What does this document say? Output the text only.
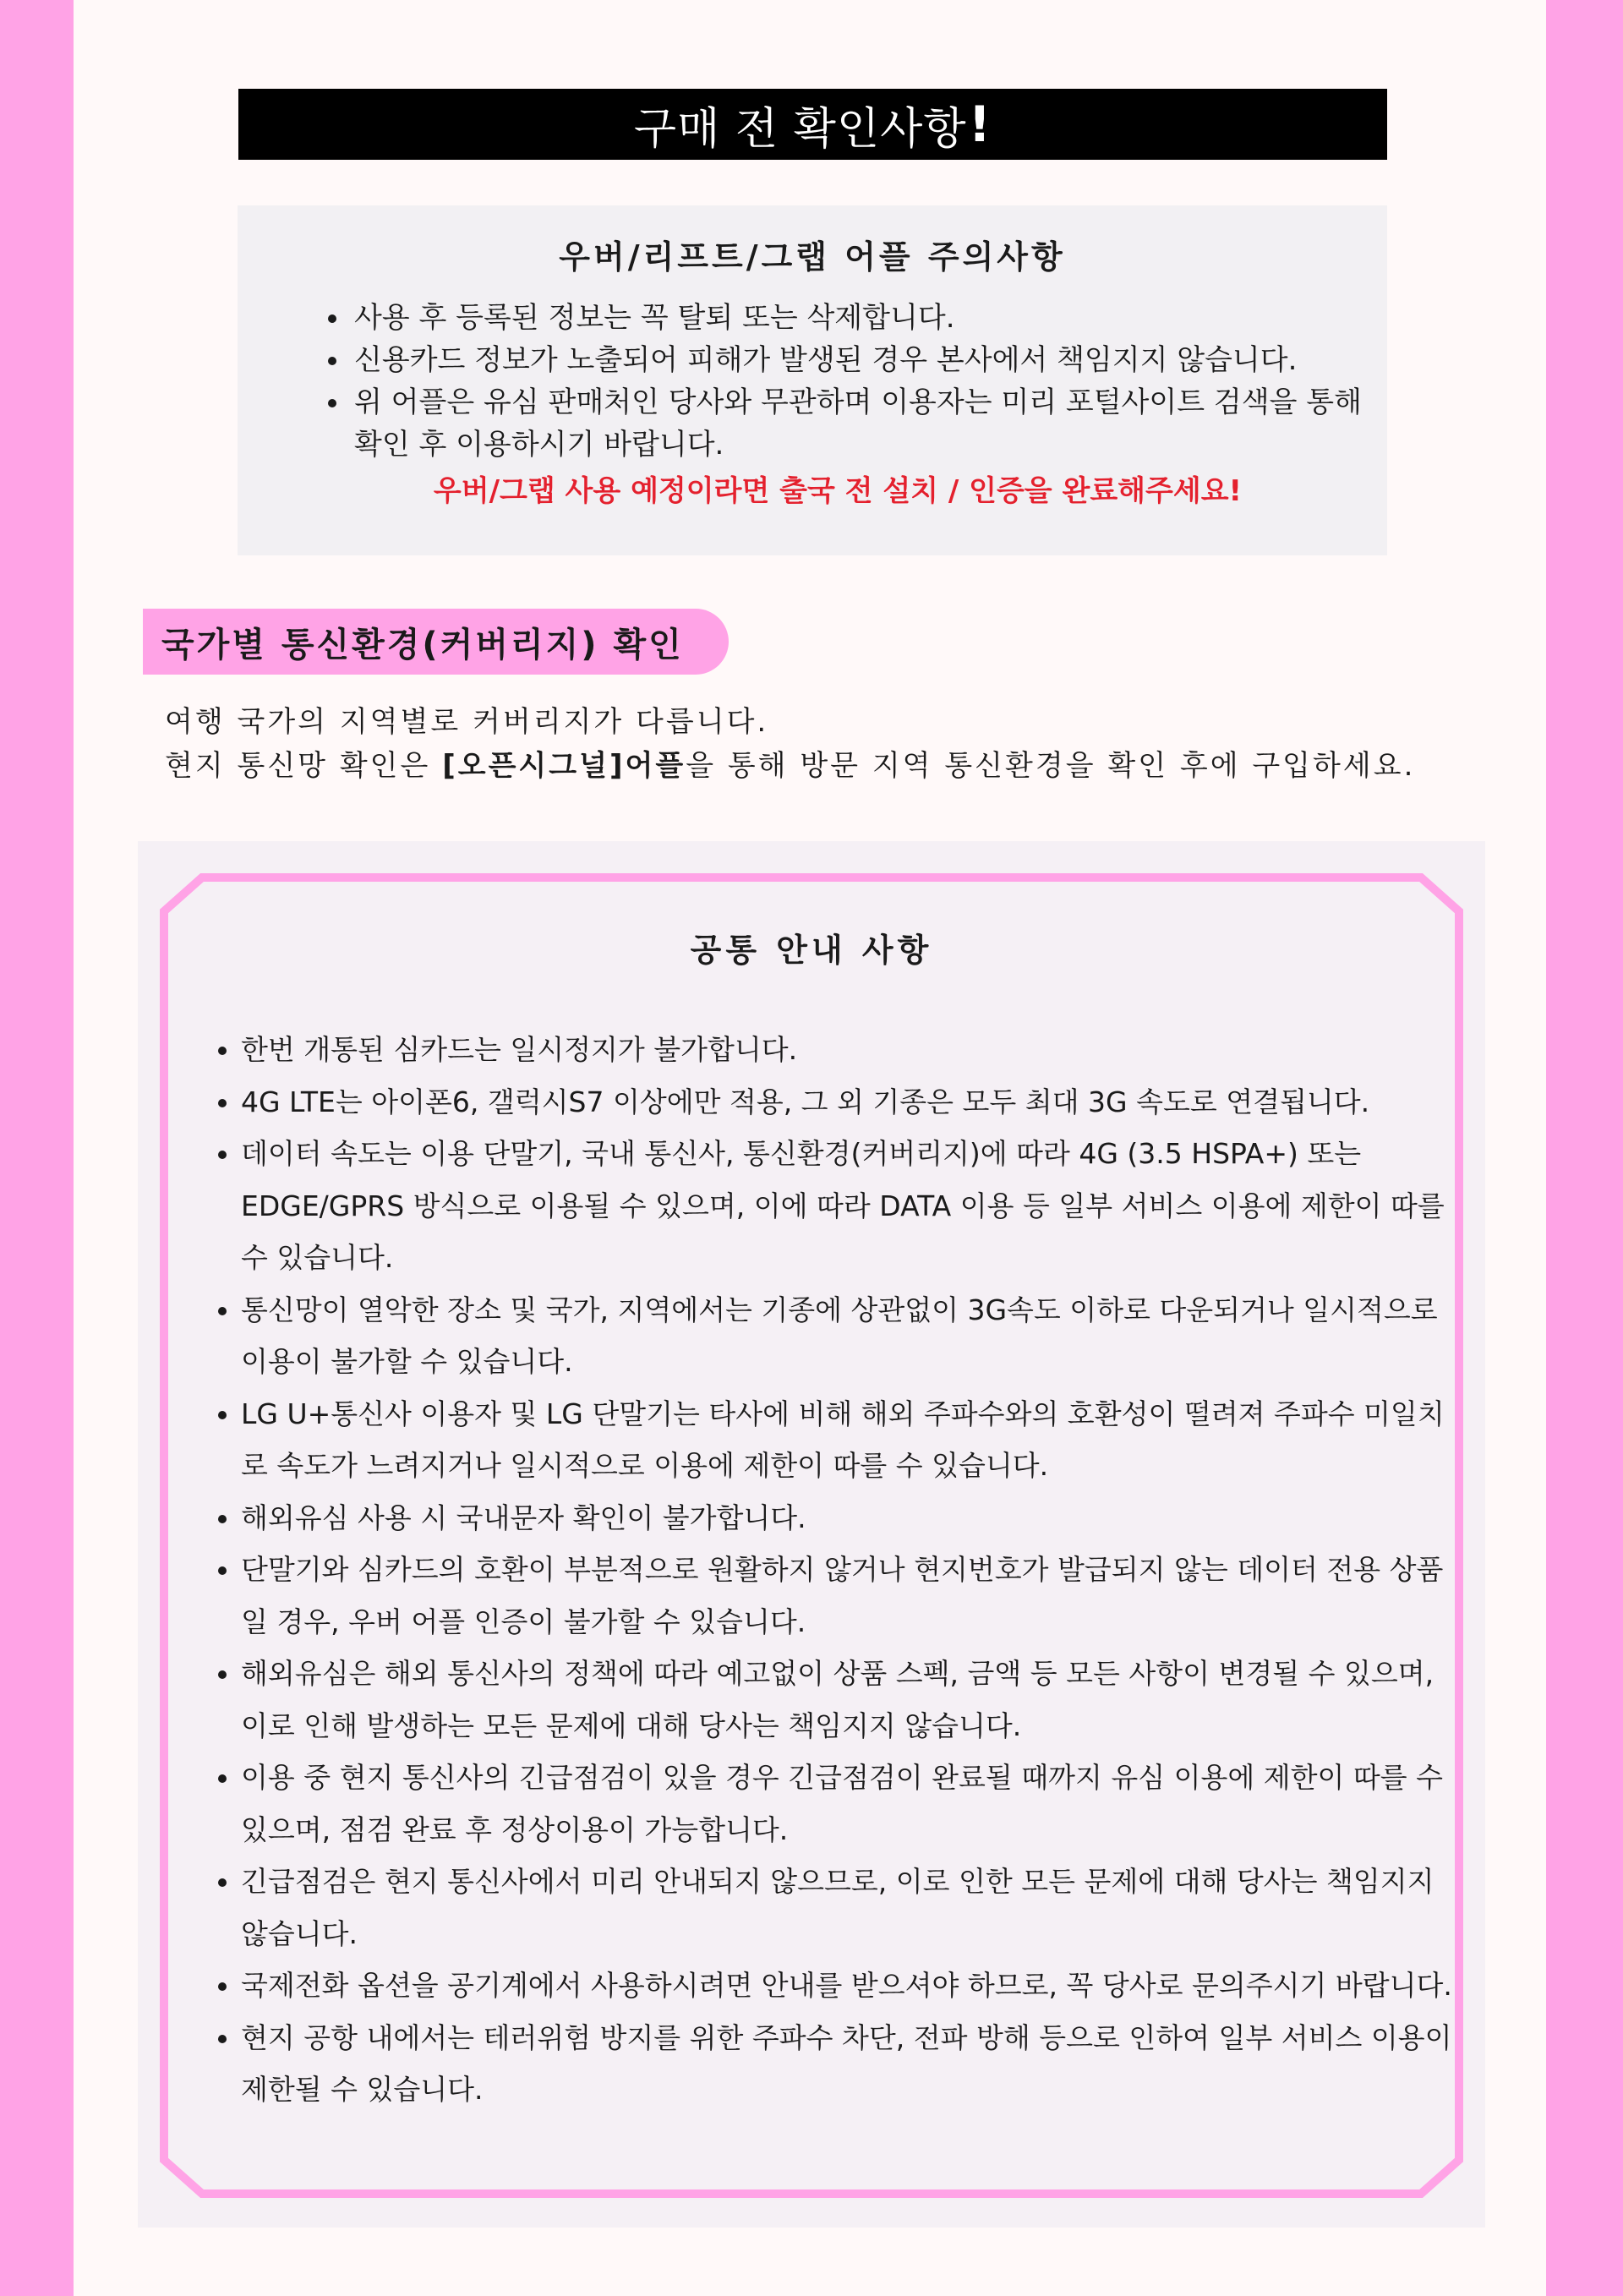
구매 전 확인사항 !
우버/리프트/그랩 어플 주의사항
• 사용 후 등록된 정보는 꼭 탈퇴 또는 삭제합니다.
• 신용카드 정보가 노출되어 피해가 발생된 경우 본사에서 책임지지 않습니다.
• 위 어플은 유심 판매처인 당사와 무관하며 이용자는 미리 포털사이트 검색을 통해 확인 후 이용하시기 바랍니다.
우버/그랩 사용 예정이라면 출국 전 설치 / 인증을 완료해주세요!
국가별 통신환경(커버리지) 확인
여행 국가의 지역별로 커버리지가 다릅니다.
현지 통신망 확인은 [오픈시그널]어플을 통해 방문 지역 통신환경을 확인 후에 구입하세요.
공통 안내 사항
• 한번 개통된 심카드는 일시정지가 불가합니다.
• 4G LTE는 아이폰6, 갤럭시S7 이상에만 적용, 그 외 기종은 모두 최대 3G 속도로 연결됩니다.
• 데이터 속도는 이용 단말기, 국내 통신사, 통신환경(커버리지)에 따라 4G (3.5 HSPA+) 또는 EDGE/GPRS 방식으로 이용될 수 있으며, 이에 따라 DATA 이용 등 일부 서비스 이용에 제한이 따를 수 있습니다.
• 통신망이 열악한 장소 및 국가, 지역에서는 기종에 상관없이 3G속도 이하로 다운되거나 일시적으로 이용이 불가할 수 있습니다.
• LG U+통신사 이용자 및 LG 단말기는 타사에 비해 해외 주파수와의 호환성이 떨려져 주파수 미일치로 속도가 느려지거나 일시적으로 이용에 제한이 따를 수 있습니다.
• 해외유심 사용 시 국내문자 확인이 불가합니다.
• 단말기와 심카드의 호환이 부분적으로 원활하지 않거나 현지번호가 발급되지 않는 데이터 전용 상품일 경우, 우버 어플 인증이 불가할 수 있습니다.
• 해외유심은 해외 통신사의 정책에 따라 예고없이 상품 스펙, 금액 등 모든 사항이 변경될 수 있으며, 이로 인해 발생하는 모든 문제에 대해 당사는 책임지지 않습니다.
• 이용 중 현지 통신사의 긴급점검이 있을 경우 긴급점검이 완료될 때까지 유심 이용에 제한이 따를 수 있으며, 점검 완료 후 정상이용이 가능합니다.
• 긴급점검은 현지 통신사에서 미리 안내되지 않으므로, 이로 인한 모든 문제에 대해 당사는 책임지지 않습니다.
• 국제전화 옵션을 공기계에서 사용하시려면 안내를 받으셔야 하므로, 꼭 당사로 문의주시기 바랍니다.
• 현지 공항 내에서는 테러위험 방지를 위한 주파수 차단, 전파 방해 등으로 인하여 일부 서비스 이용이 제한될 수 있습니다.
